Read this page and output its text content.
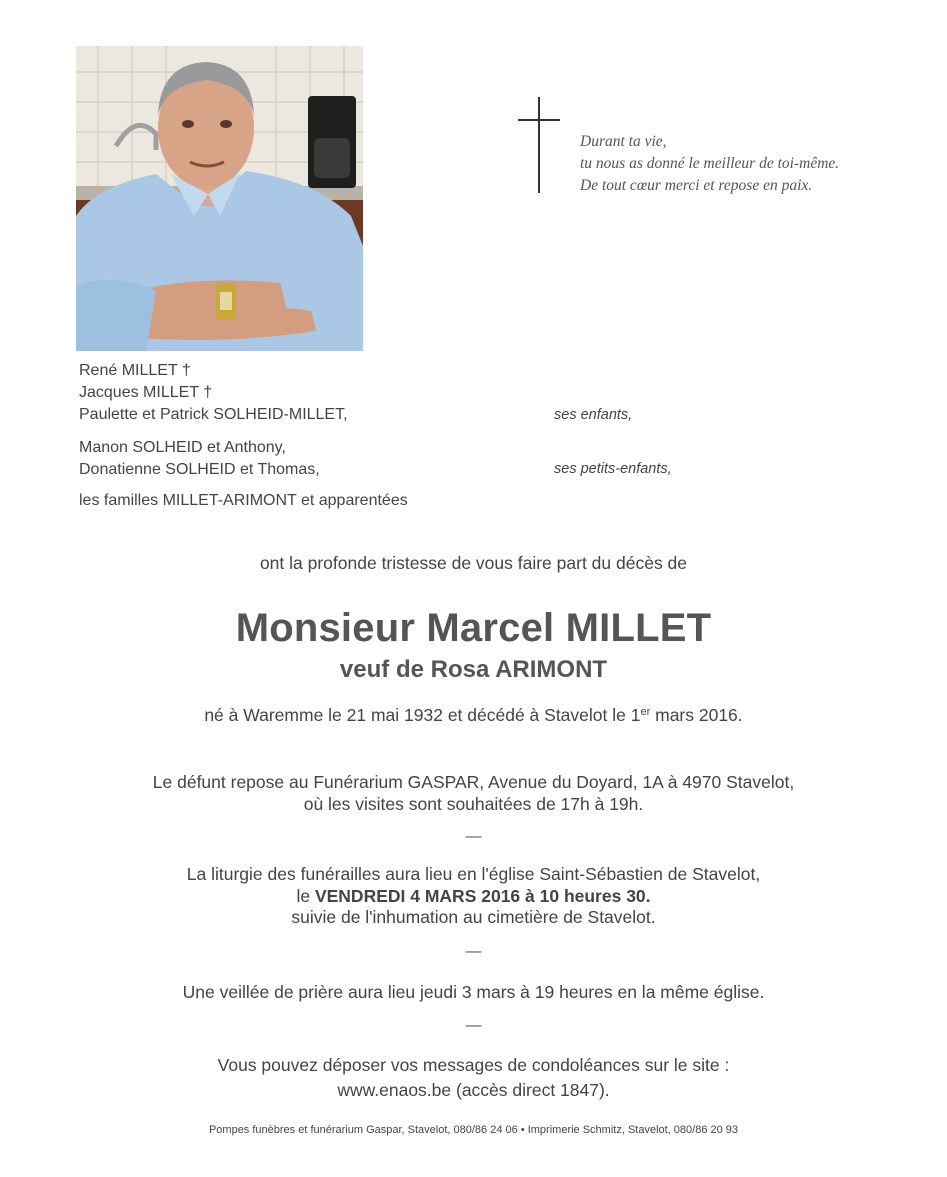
Durant ta vie,
tu nous as donné le meilleur de toi-même.
De tout cœur merci et repose en paix.
René MILLET †
Jacques MILLET †
Paulette et Patrick SOLHEID-MILLET,	ses enfants,
Manon SOLHEID et Anthony,
Donatienne SOLHEID et Thomas,	ses petits-enfants,
les familles MILLET-ARIMONT et apparentées
ont la profonde tristesse de vous faire part du décès de
Monsieur Marcel MILLET
veuf de Rosa ARIMONT
né à Waremme le 21 mai 1932 et décédé à Stavelot le 1er mars 2016.
Le défunt repose au Funérarium GASPAR, Avenue du Doyard, 1A à 4970 Stavelot,
où les visites sont souhaitées de 17h à 19h.
—
La liturgie des funérailles aura lieu en l'église Saint-Sébastien de Stavelot,
le VENDREDI 4 MARS 2016 à 10 heures 30.
suivie de l'inhumation au cimetière de Stavelot.
—
Une veillée de prière aura lieu jeudi 3 mars à 19 heures en la même église.
—
Vous pouvez déposer vos messages de condoléances sur le site :
www.enaos.be (accès direct 1847).
Pompes funèbres et funérarium Gaspar, Stavelot, 080/86 24 06 • Imprimerie Schmitz, Stavelot, 080/86 20 93
